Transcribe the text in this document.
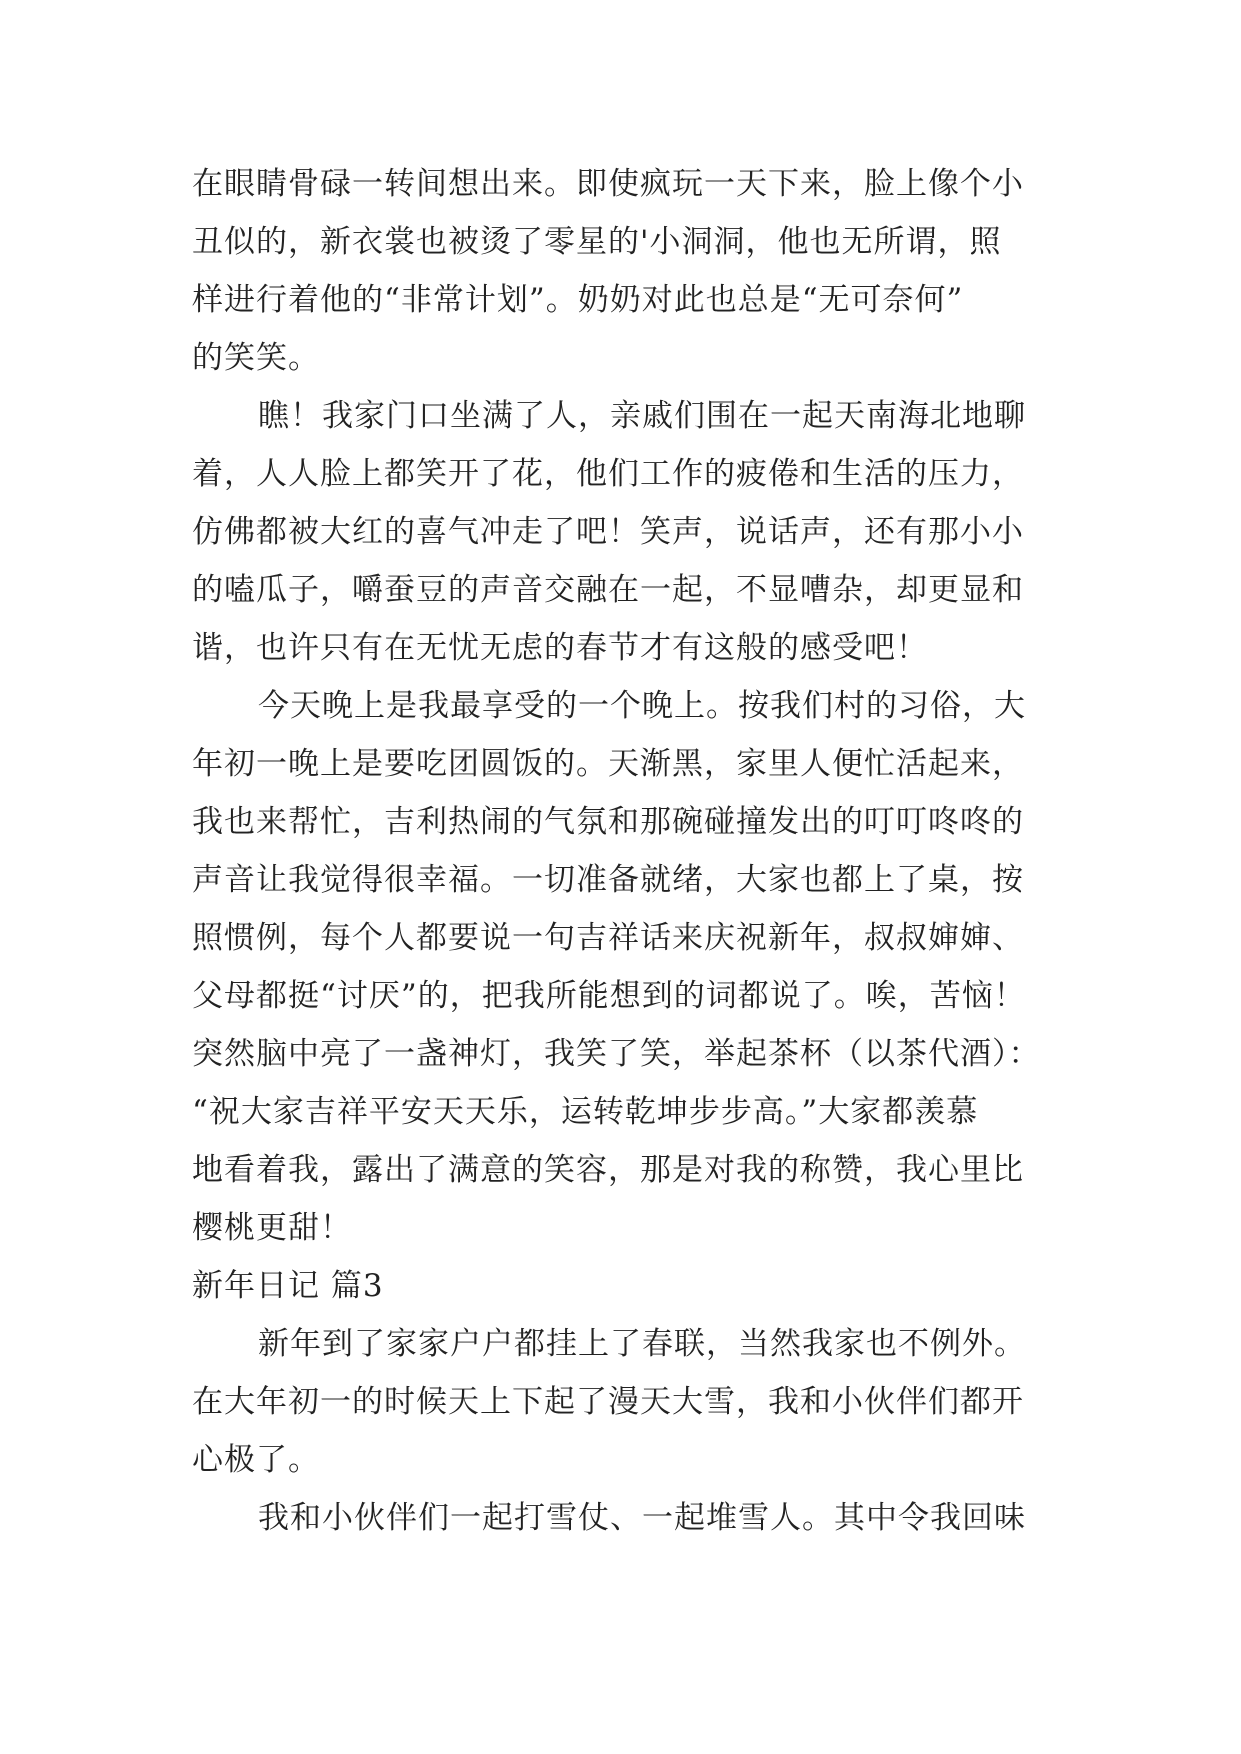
在眼睛骨碌一转间想出来。即使疯玩一天下来，脸上像个小
丑似的，新衣裳也被烫了零星的'小洞洞，他也无所谓，照
样进行着他的“非常计划”。奶奶对此也总是“无可奈何”
的笑笑。
瞧！我家门口坐满了人，亲戚们围在一起天南海北地聊
着，人人脸上都笑开了花，他们工作的疲倦和生活的压力，
仿佛都被大红的喜气冲走了吧！笑声，说话声，还有那小小
的嗑瓜子，嚼蚕豆的声音交融在一起，不显嘈杂，却更显和
谐，也许只有在无忧无虑的春节才有这般的感受吧！
今天晚上是我最享受的一个晚上。按我们村的习俗，大
年初一晚上是要吃团圆饭的。天渐黑，家里人便忙活起来，
我也来帮忙，吉利热闹的气氛和那碗碰撞发出的叮叮咚咚的
声音让我觉得很幸福。一切准备就绪，大家也都上了桌，按
照惯例，每个人都要说一句吉祥话来庆祝新年，叔叔婶婶、
父母都挺“讨厌”的，把我所能想到的词都说了。唉，苦恼！
突然脑中亮了一盏神灯，我笑了笑，举起茶杯（以茶代酒）：
“祝大家吉祥平安天天乐，运转乾坤步步高。”大家都羡慕
地看着我，露出了满意的笑容，那是对我的称赞，我心里比
樱桃更甜！
新年日记 篇3
新年到了家家户户都挂上了春联，当然我家也不例外。
在大年初一的时候天上下起了漫天大雪，我和小伙伴们都开
心极了。
我和小伙伴们一起打雪仗、一起堆雪人。其中令我回味
